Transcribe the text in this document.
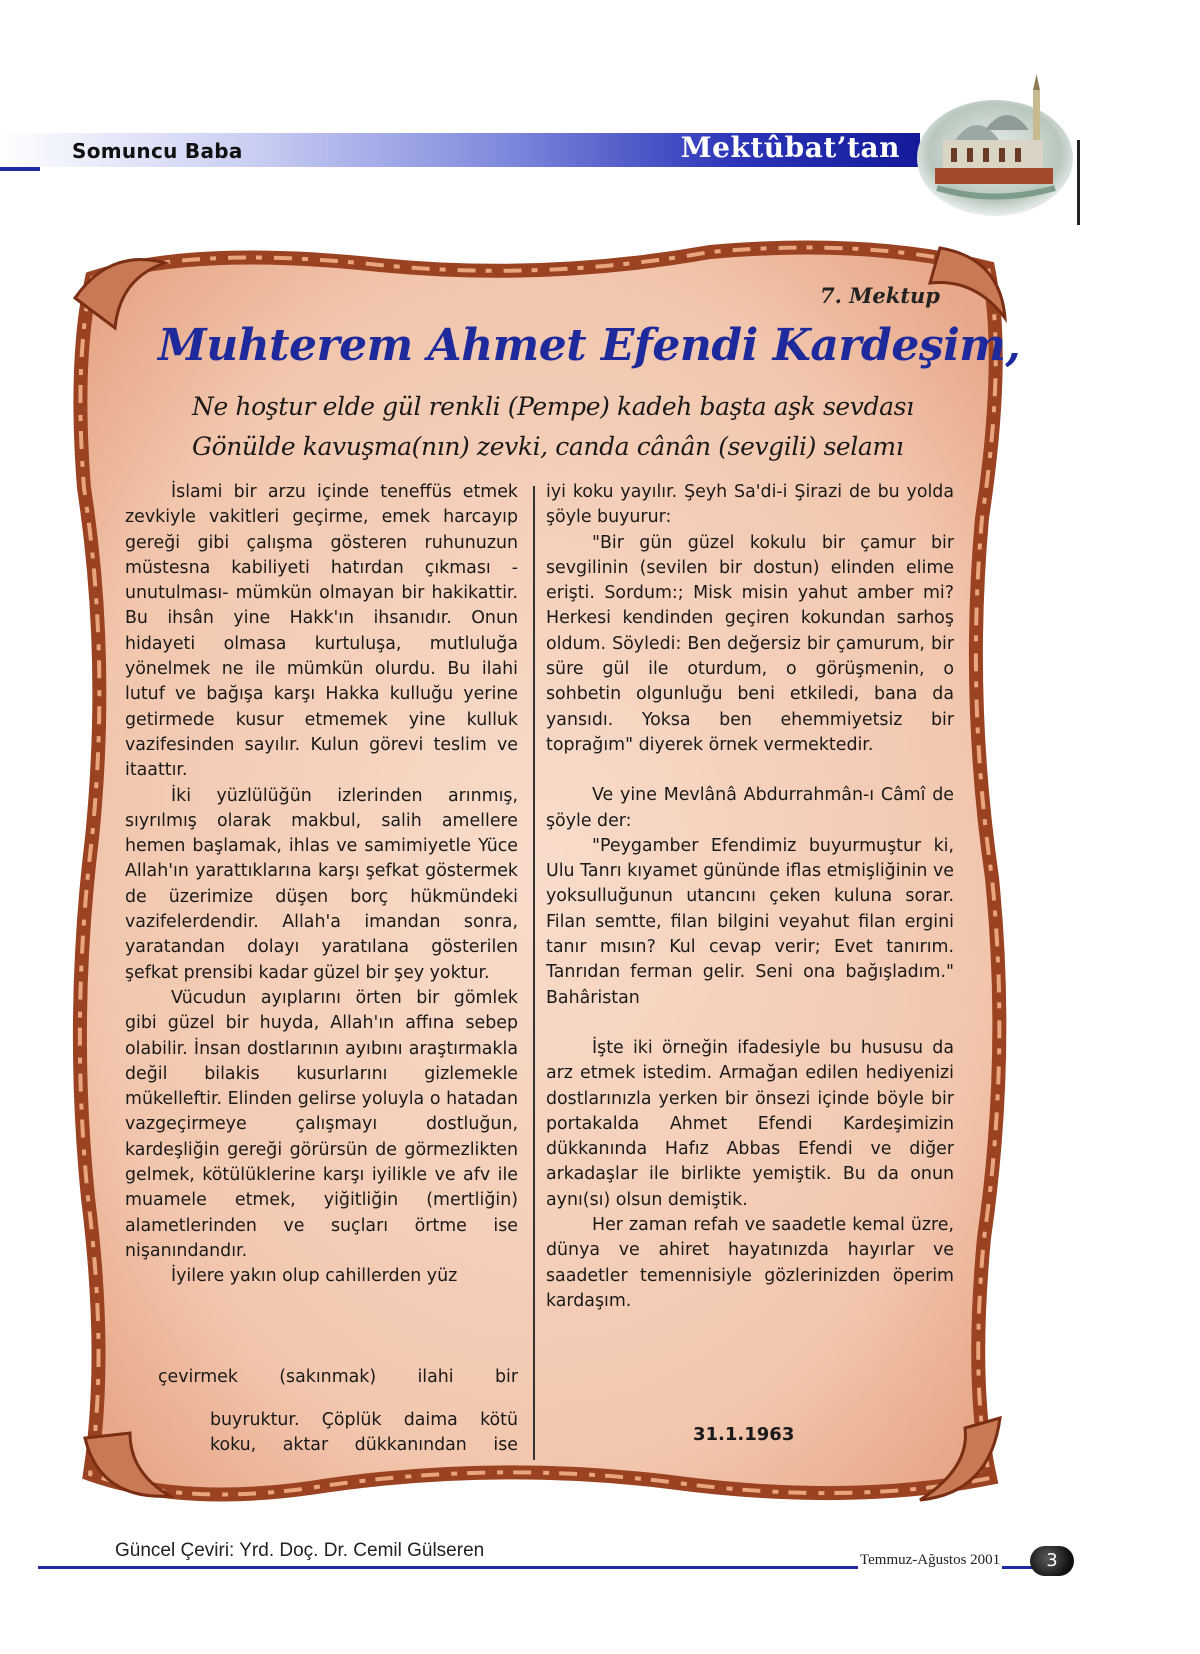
Somuncu Baba	Mektûbat’tan
7. Mektup
Muhterem Ahmet Efendi Kardeşim,
Ne hoştur elde gül renkli (Pempe) kadeh başta aşk sevdası
Gönülde kavuşma(nın) zevki, canda cânân (sevgili) selamı

İslami bir arzu içinde teneffüs etmek zevkiyle vakitleri geçirme, emek harcayıp gereği gibi çalışma gösteren ruhunuzun müstesna kabiliyeti hatırdan çıkması -unutulması- mümkün olmayan bir hakikattir. Bu ihsân yine Hakk'ın ihsanıdır. Onun hidayeti olmasa kurtuluşa, mutluluğa yönelmek ne ile mümkün olurdu. Bu ilahi lutuf ve bağışa karşı Hakka kulluğu yerine getirmede kusur etmemek yine kulluk vazifesinden sayılır. Kulun görevi teslim ve itaattır.

İki yüzlülüğün izlerinden arınmış, sıyrılmış olarak makbul, salih amellere hemen başlamak, ihlas ve samimiyetle Yüce Allah'ın yarattıklarına karşı şefkat göstermek de üzerimize düşen borç hükmündeki vazifelerdendir. Allah'a imandan sonra, yaratandan dolayı yaratılana gösterilen şefkat prensibi kadar güzel bir şey yoktur.

Vücudun ayıplarını örten bir gömlek gibi güzel bir huyda, Allah'ın affına sebep olabilir. İnsan dostlarının ayıbını araştırmakla değil bilakis kusurlarını gizlemekle mükelleftir. Elinden gelirse yoluyla o hatadan vazgeçirmeye çalışmayı dostluğun, kardeşliğin gereği görürsün de görmezlikten gelmek, kötülüklerine karşı iyilikle ve afv ile muamele etmek, yiğitliğin (mertliğin) alametlerinden ve suçları örtme ise nişanındandır.

İyilere yakın olup cahillerden yüz

çevirmek (sakınmak) ilahi bir
buyruktur. Çöplük daima kötü
koku, aktar dükkanından ise

iyi koku yayılır. Şeyh Sa'di-i Şirazi de bu yolda şöyle buyurur:

"Bir gün güzel kokulu bir çamur bir sevgilinin (sevilen bir dostun) elinden elime erişti. Sordum:; Misk misin yahut amber mi? Herkesi kendinden geçiren kokundan sarhoş oldum. Söyledi: Ben değersiz bir çamurum, bir süre gül ile oturdum, o görüşmenin, o sohbetin olgunluğu beni etkiledi, bana da yansıdı. Yoksa ben ehemmiyetsiz bir toprağım" diyerek örnek vermektedir.

Ve yine Mevlânâ Abdurrahmân-ı Câmî de şöyle der:

"Peygamber Efendimiz buyurmuştur ki, Ulu Tanrı kıyamet gününde iflas etmişliğinin ve yoksulluğunun utancını çeken kuluna sorar. Filan semtte, filan bilgini veyahut filan ergini tanır mısın? Kul cevap verir; Evet tanırım. Tanrıdan ferman gelir. Seni ona bağışladım." Bahâristan

İşte iki örneğin ifadesiyle bu hususu da arz etmek istedim. Armağan edilen hediyenizi dostlarınızla yerken bir önsezi içinde böyle bir portakalda Ahmet Efendi Kardeşimizin dükkanında Hafız Abbas Efendi ve diğer arkadaşlar ile birlikte yemiştik. Bu da onun aynı(sı) olsun demiştik.

Her zaman refah ve saadetle kemal üzre, dünya ve ahiret hayatınızda hayırlar ve saadetler temennisiyle gözlerinizden öperim kardaşım.

31.1.1963
Güncel Çeviri: Yrd. Doç. Dr. Cemil Gülseren	Temmuz-Ağustos 2001	3
